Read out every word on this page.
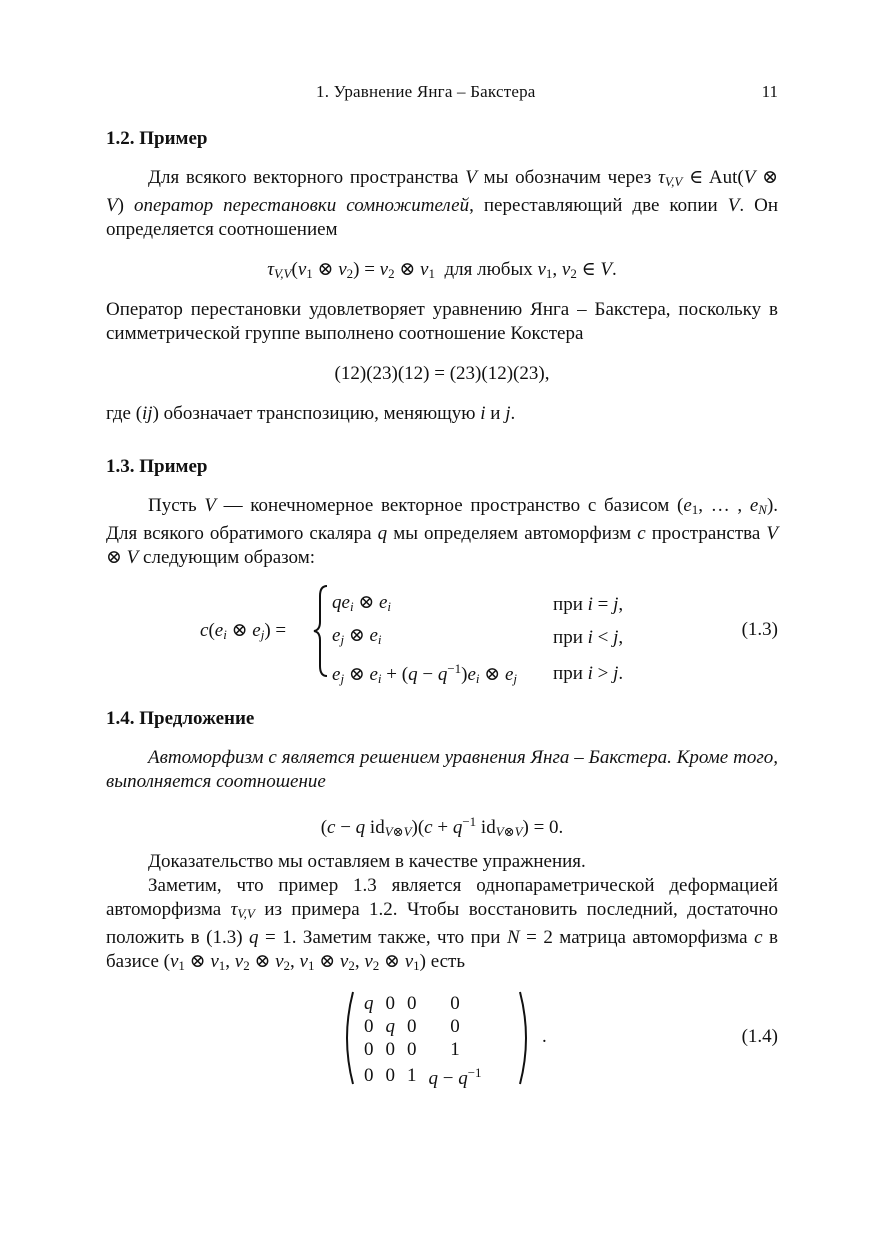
1. Уравнение Янга – Бакстера	11
1.2. Пример

Для всякого векторного пространства V мы обозначим через $\tau_{V,V}$ ∈ Aut(V ⊗ V) оператор перестановки сомножителей, переставляющий две копии V. Он определяется соотношением

$\tau_{V,V}(v_1$ ⊗ $v_2) = v_2$ ⊗ $v_1$  для любых $v_1$, $v_2$ ∈ V.

Оператор перестановки удовлетворяет уравнению Янга – Бакстера, поскольку в симметрической группе выполнено соотношение Кокстера

(12)(23)(12) = (23)(12)(23),

где (ij) обозначает транспозицию, меняющую i и j.

1.3. Пример

Пусть V — конечномерное векторное пространство с базисом ($e_1$, … , $e_N$). Для всякого обратимого скаляра q мы определяем автоморфизм c пространства V ⊗ V следующим образом:

$c(e_i$ ⊗ $e_j$) =
$qe_i$ ⊗ $e_i$	при i = j,
$e_j$ ⊗ $e_i$	при i < j,
$e_j$ ⊗ $e_i + (q - q^{-1})e_i$ ⊗ $e_j$	при i > j.
(1.3)
1.4. Предложение

Автоморфизм c является решением уравнения Янга – Бакстера. Кроме того, выполняется соотношение

(c − q $id_{V\otimes V})(c + q^{-1}$ $id_{V\otimes V}) = 0$.

Доказательство мы оставляем в качестве упражнения.

Заметим, что пример 1.3 является однопараметрической деформацией автоморфизма $\tau_{V,V}$ из примера 1.2. Чтобы восстановить последний, достаточно положить в (1.3) q = 1. Заметим также, что при N = 2 матрица автоморфизма c в базисе ($v_1$ ⊗ $v_1$, $v_2$ ⊗ $v_2$, $v_1$ ⊗ $v_2$, $v_2$ ⊗ $v_1$) есть

q	0	0	0
0	q	0	0
0	0	0	1
0	0	1	$q - q^{-1}$
.	(1.4)
